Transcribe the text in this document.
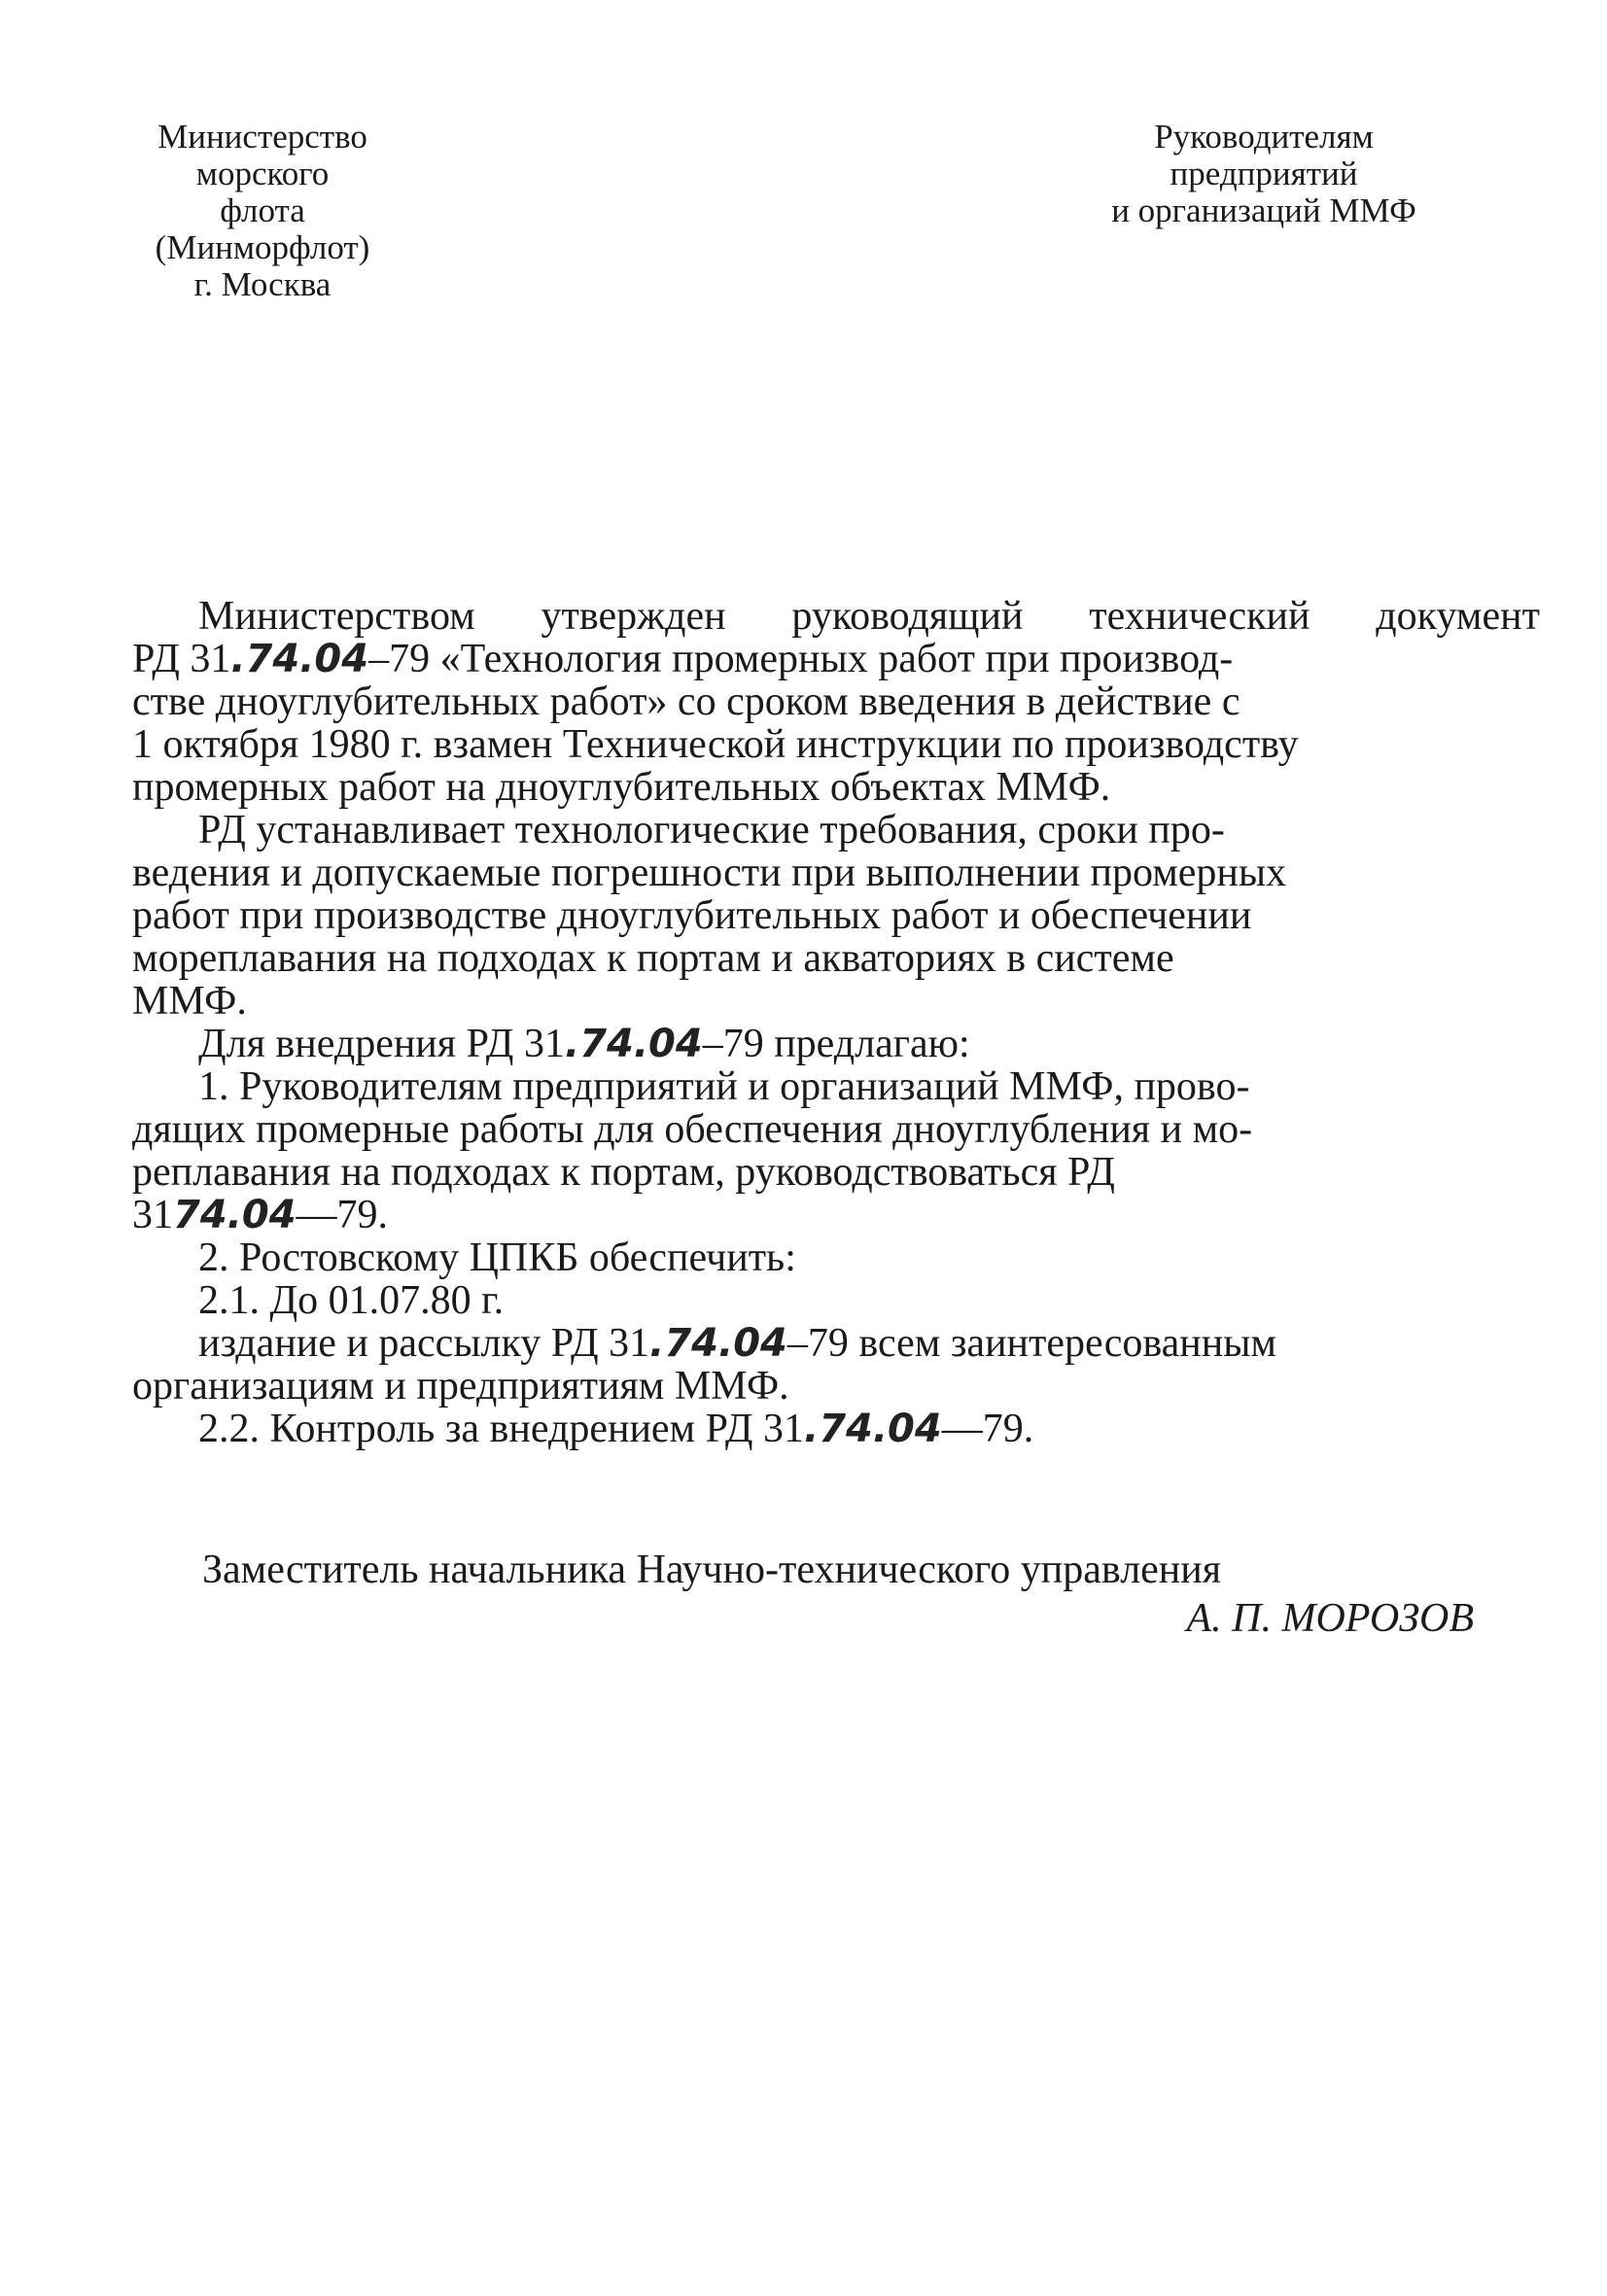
Министерство
морского
флота
(Минморфлот)
г. Москва
Руководителям
предприятий
и организаций ММФ
Министерством утвержден руководящий технический документ
РД 31.74.04–79 «Технология промерных работ при производ-
стве дноуглубительных работ» со сроком введения в действие с
1 октября 1980 г. взамен Технической инструкции по производству
промерных работ на дноуглубительных объектах ММФ.
РД устанавливает технологические требования, сроки про-
ведения и допускаемые погрешности при выполнении промерных
работ при производстве дноуглубительных работ и обеспечении
мореплавания на подходах к портам и акваториях в системе
ММФ.
Для внедрения РД 31.74.04–79 предлагаю:
1. Руководителям предприятий и организаций ММФ, прово-
дящих промерные работы для обеспечения дноуглубления и мо-
реплавания на подходах к портам, руководствоваться РД
3174.04—79.
2. Ростовскому ЦПКБ обеспечить:
2.1. До 01.07.80 г.
издание и рассылку РД 31.74.04–79 всем заинтересованным
организациям и предприятиям ММФ.
2.2. Контроль за внедрением РД 31.74.04—79.
Заместитель начальника Научно-технического управления
А. П. МОРОЗОВ
